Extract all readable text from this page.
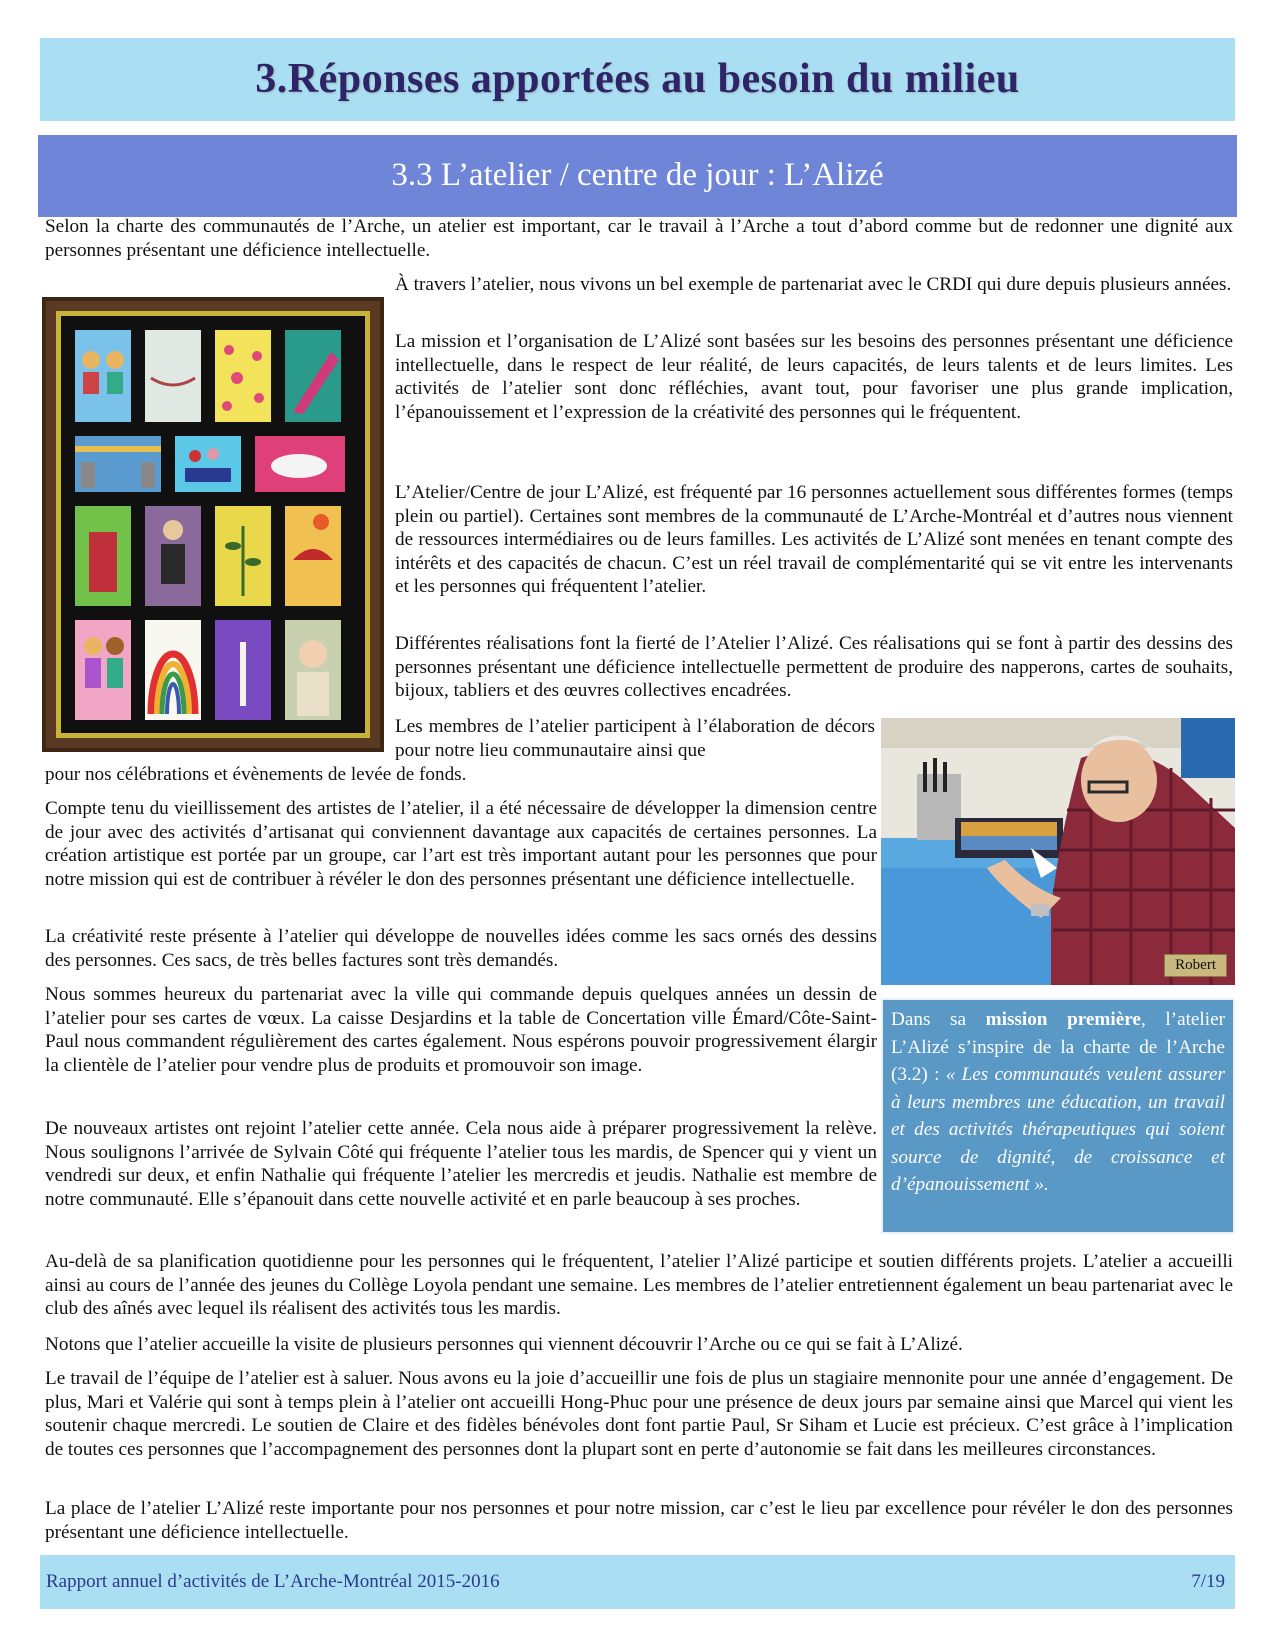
3.Réponses apportées au besoin du milieu
3.3 L’atelier / centre de jour : L’Alizé

Selon la charte des communautés de l’Arche, un atelier est important, car le travail à l’Arche a tout d’abord comme but de redonner une dignité aux personnes présentant une déficience intellectuelle.

À travers l’atelier, nous vivons un bel exemple de partenariat avec le CRDI qui dure depuis plusieurs années.

La mission et l’organisation de L’Alizé sont basées sur les besoins des personnes présentant une déficience intellectuelle, dans le respect de leur réalité, de leurs capacités, de leurs talents et de leurs limites. Les activités de l’atelier sont donc réfléchies, avant tout, pour favoriser une plus grande implication, l’épanouissement et l’expression de la créativité des personnes qui le fréquentent.

L’Atelier/Centre de jour L’Alizé, est fréquenté par 16 personnes actuellement sous différentes formes (temps plein ou partiel). Certaines sont membres de la communauté de L’Arche-Montréal et d’autres nous viennent de ressources intermédiaires ou de leurs familles. Les activités de L’Alizé sont menées en tenant compte des intérêts et des capacités de chacun. C’est un réel travail de complémentarité qui se vit entre les intervenants et les personnes qui fréquentent l’atelier.

Différentes réalisations font la fierté de l’Atelier l’Alizé. Ces réalisations qui se font à partir des dessins des personnes présentant une déficience intellectuelle permettent de produire des napperons, cartes de souhaits, bijoux, tabliers et des œuvres collectives encadrées.

Les membres de l’atelier participent à l’élaboration de décors pour notre lieu communautaire ainsi que

pour nos célébrations et évènements de levée de fonds.

Robert

Compte tenu du vieillissement des artistes de l’atelier, il a été nécessaire de développer la dimension centre de jour avec des activités d’artisanat qui conviennent davantage aux capacités de certaines personnes. La création artistique est portée par un groupe, car l’art est très important autant pour les personnes que pour notre mission qui est de contribuer à révéler le don des personnes présentant une déficience intellectuelle.

La créativité reste présente à l’atelier qui développe de nouvelles idées comme les sacs ornés des dessins des personnes. Ces sacs, de très belles factures sont très demandés.

Nous sommes heureux du partenariat avec la ville qui commande depuis quelques années un dessin de l’atelier pour ses cartes de vœux. La caisse Desjardins et la table de Concertation ville Émard/Côte-Saint-Paul nous commandent régulièrement des cartes également. Nous espérons pouvoir progressivement élargir la clientèle de l’atelier pour vendre plus de produits et promouvoir son image.

De nouveaux artistes ont rejoint l’atelier cette année. Cela nous aide à préparer progressivement la relève. Nous soulignons l’arrivée de Sylvain Côté qui fréquente l’atelier tous les mardis, de Spencer qui y vient un vendredi sur deux, et enfin Nathalie qui fréquente l’atelier les mercredis et jeudis. Nathalie est membre de notre communauté. Elle s’épanouit dans cette nouvelle activité et en parle beaucoup à ses proches.

Dans sa mission première, l’atelier L’Alizé s’inspire de la charte de l’Arche (3.2) : « Les communautés veulent assurer à leurs membres une éducation, un travail et des activités thérapeutiques qui soient source de dignité, de croissance et d’épanouissement ».

Au-delà de sa planification quotidienne pour les personnes qui le fréquentent, l’atelier l’Alizé participe et soutien différents projets. L’atelier a accueilli ainsi au cours de l’année des jeunes du Collège Loyola pendant une semaine. Les membres de l’atelier entretiennent également un beau partenariat avec le club des aînés avec lequel ils réalisent des activités tous les mardis.

Notons que l’atelier accueille la visite de plusieurs personnes qui viennent découvrir l’Arche ou ce qui se fait à L’Alizé.

Le travail de l’équipe de l’atelier est à saluer. Nous avons eu la joie d’accueillir une fois de plus un stagiaire mennonite pour une année d’engagement. De plus, Mari et Valérie qui sont à temps plein à l’atelier ont accueilli Hong-Phuc pour une présence de deux jours par semaine ainsi que Marcel qui vient les soutenir chaque mercredi. Le soutien de Claire et des fidèles bénévoles dont font partie Paul, Sr Siham et Lucie est précieux. C’est grâce à l’implication de toutes ces personnes que l’accompagnement des personnes dont la plupart sont en perte d’autonomie se fait dans les meilleures circonstances.

La place de l’atelier L’Alizé reste importante pour nos personnes et pour notre mission, car c’est le lieu par excellence pour révéler le don des personnes présentant une déficience intellectuelle.

Rapport annuel d’activités de L’Arche-Montréal 2015-2016	7/19
